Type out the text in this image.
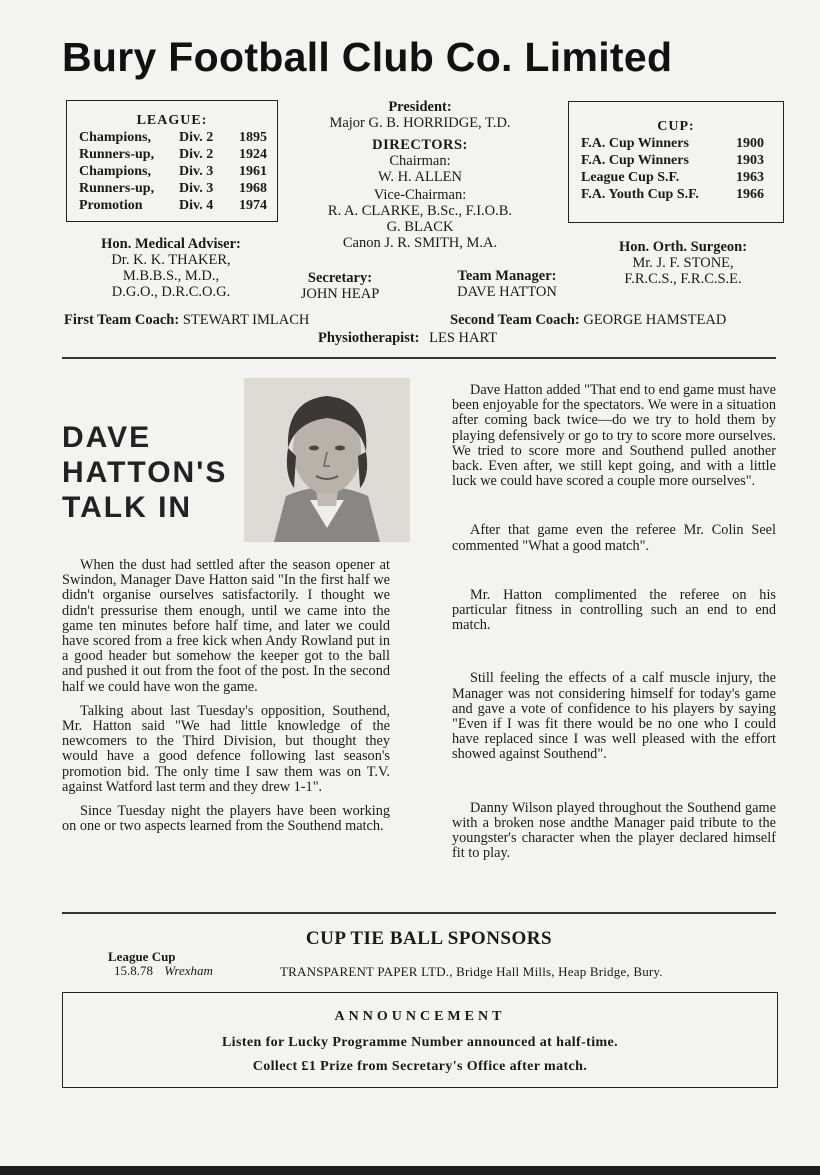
Bury Football Club Co. Limited
LEAGUE:
Champions,	Div. 2	1895
Runners-up,	Div. 2	1924
Champions,	Div. 3	1961
Runners-up,	Div. 3	1968
Promotion	Div. 4	1974
CUP:
F.A. Cup Winners	1900
F.A. Cup Winners	1903
League Cup S.F.	1963
F.A. Youth Cup S.F.	1966
President:
Major G. B. HORRIDGE, T.D.
DIRECTORS:
Chairman:
W. H. ALLEN
Vice-Chairman:
R. A. CLARKE, B.Sc., F.I.O.B.
G. BLACK
Canon J. R. SMITH, M.A.
Hon. Medical Adviser:
Dr. K. K. THAKER,
M.B.B.S., M.D.,
D.G.O., D.R.C.O.G.
Hon. Orth. Surgeon:
Mr. J. F. STONE,
F.R.C.S., F.R.C.S.E.
Secretary:
JOHN HEAP
Team Manager:
DAVE HATTON
First Team Coach: STEWART IMLACH	Second Team Coach: GEORGE HAMSTEAD
Physiotherapist: LES HART
DAVE
HATTON'S
TALK IN

When the dust had settled after the season opener at Swindon, Manager Dave Hatton said "In the first half we didn't organise ourselves satisfactorily. I thought we didn't pressurise them enough, until we came into the game ten minutes before half time, and later we could have scored from a free kick when Andy Rowland put in a good header but somehow the keeper got to the ball and pushed it out from the foot of the post. In the second half we could have won the game.

Talking about last Tuesday's opposition, Southend, Mr. Hatton said "We had little knowledge of the newcomers to the Third Division, but thought they would have a good defence following last season's promotion bid. The only time I saw them was on T.V. against Watford last term and they drew 1-1".

Since Tuesday night the players have been working on one or two aspects learned from the Southend match.

Dave Hatton added "That end to end game must have been enjoyable for the spectators. We were in a situation after coming back twice—do we try to hold them by playing defensively or go to try to score more ourselves. We tried to score more and Southend pulled another back. Even after, we still kept going, and with a little luck we could have scored a couple more ourselves".

After that game even the referee Mr. Colin Seel commented "What a good match".

Mr. Hatton complimented the referee on his particular fitness in controlling such an end to end match.

Still feeling the effects of a calf muscle injury, the Manager was not considering himself for today's game and gave a vote of confidence to his players by saying "Even if I was fit there would be no one who I could have replaced since I was well pleased with the effort showed against Southend".

Danny Wilson played throughout the Southend game with a broken nose andthe Manager paid tribute to the youngster's character when the player declared himself fit to play.

CUP TIE BALL SPONSORS
League Cup
15.8.78 Wrexham	TRANSPARENT PAPER LTD., Bridge Hall Mills, Heap Bridge, Bury.
ANNOUNCEMENT
Listen for Lucky Programme Number announced at half-time.
Collect £1 Prize from Secretary's Office after match.
